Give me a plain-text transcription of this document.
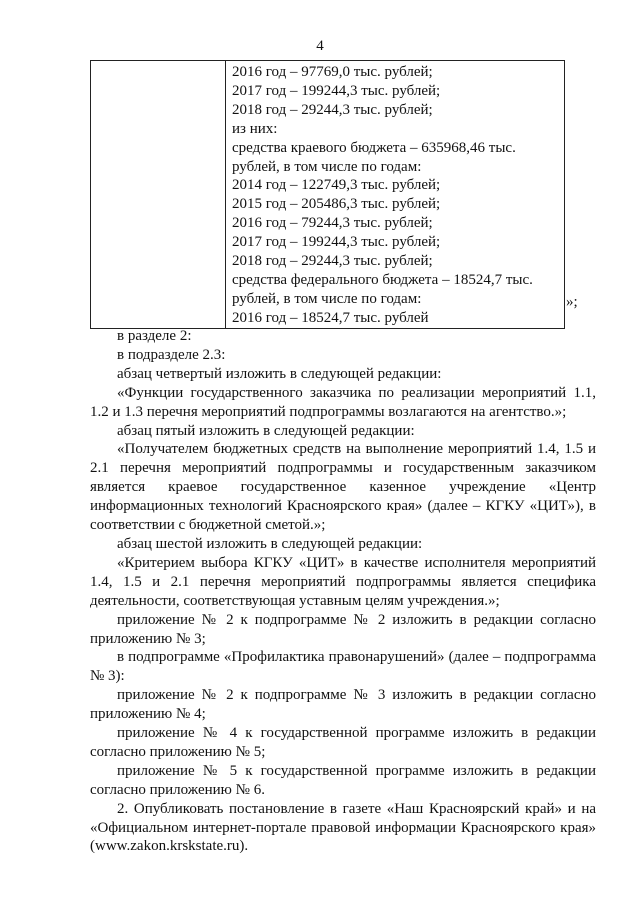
4

2016 год – 97769,0 тыс. рублей;
2017 год – 199244,3 тыс. рублей;
2018 год – 29244,3 тыс. рублей;
из них:
средства краевого бюджета – 635968,46 тыс.
рублей, в том числе по годам:
2014 год – 122749,3 тыс. рублей;
2015 год – 205486,3 тыс. рублей;
2016 год – 79244,3 тыс. рублей;
2017 год – 199244,3 тыс. рублей;
2018 год – 29244,3 тыс. рублей;
средства федерального бюджета – 18524,7 тыс.
рублей, в том числе по годам:
2016 год – 18524,7 тыс. рублей
»;

в разделе 2:

в подразделе 2.3:

абзац четвертый изложить в следующей редакции:

«Функции государственного заказчика по реализации мероприятий 1.1, 1.2 и 1.3 перечня мероприятий подпрограммы возлагаются на агентство.»;

абзац пятый изложить в следующей редакции:

«Получателем бюджетных средств на выполнение мероприятий 1.4, 1.5 и 2.1 перечня мероприятий подпрограммы и государственным заказчиком является краевое государственное казенное учреждение «Центр информационных технологий Красноярского края» (далее – КГКУ «ЦИТ»), в соответствии с бюджетной сметой.»;

абзац шестой изложить в следующей редакции:

«Критерием выбора КГКУ «ЦИТ» в качестве исполнителя мероприятий 1.4, 1.5 и 2.1 перечня мероприятий подпрограммы является специфика деятельности, соответствующая уставным целям учреждения.»;

приложение № 2 к подпрограмме № 2 изложить в редакции согласно приложению № 3;

в подпрограмме «Профилактика правонарушений» (далее – подпрограмма № 3):

приложение № 2 к подпрограмме № 3 изложить в редакции согласно приложению № 4;

приложение № 4 к государственной программе изложить в редакции согласно приложению № 5;

приложение № 5 к государственной программе изложить в редакции согласно приложению № 6.

2. Опубликовать постановление в газете «Наш Красноярский край» и на «Официальном интернет-портале правовой информации Красноярского края» (www.zakon.krskstate.ru).
